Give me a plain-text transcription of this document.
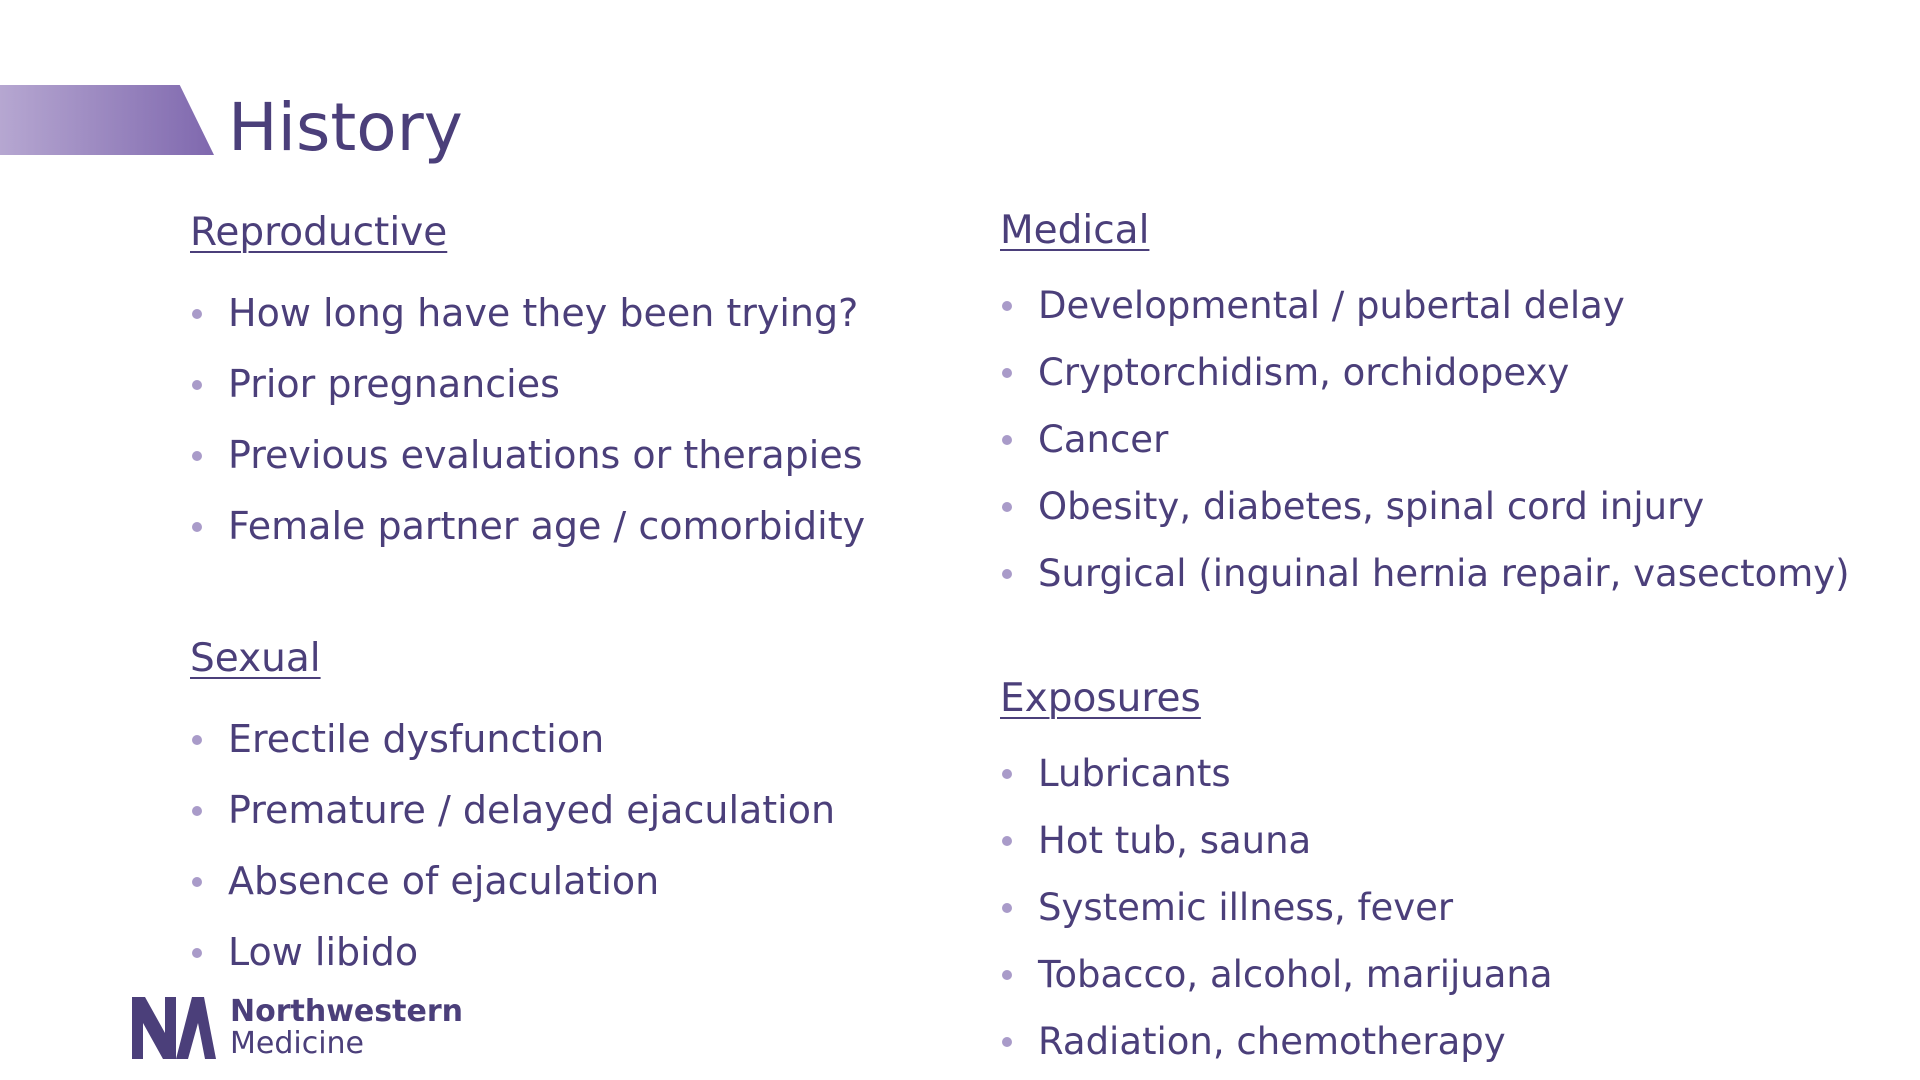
History
Reproductive
How long have they been trying?
Prior pregnancies
Previous evaluations or therapies
Female partner age / comorbidity
Sexual
Erectile dysfunction
Premature / delayed ejaculation
Absence of ejaculation
Low libido
Medical
Developmental / pubertal delay
Cryptorchidism, orchidopexy
Cancer
Obesity, diabetes, spinal cord injury
Surgical (inguinal hernia repair, vasectomy)
Exposures
Lubricants
Hot tub, sauna
Systemic illness, fever
Tobacco, alcohol, marijuana
Radiation, chemotherapy
Northwestern
Medicine
